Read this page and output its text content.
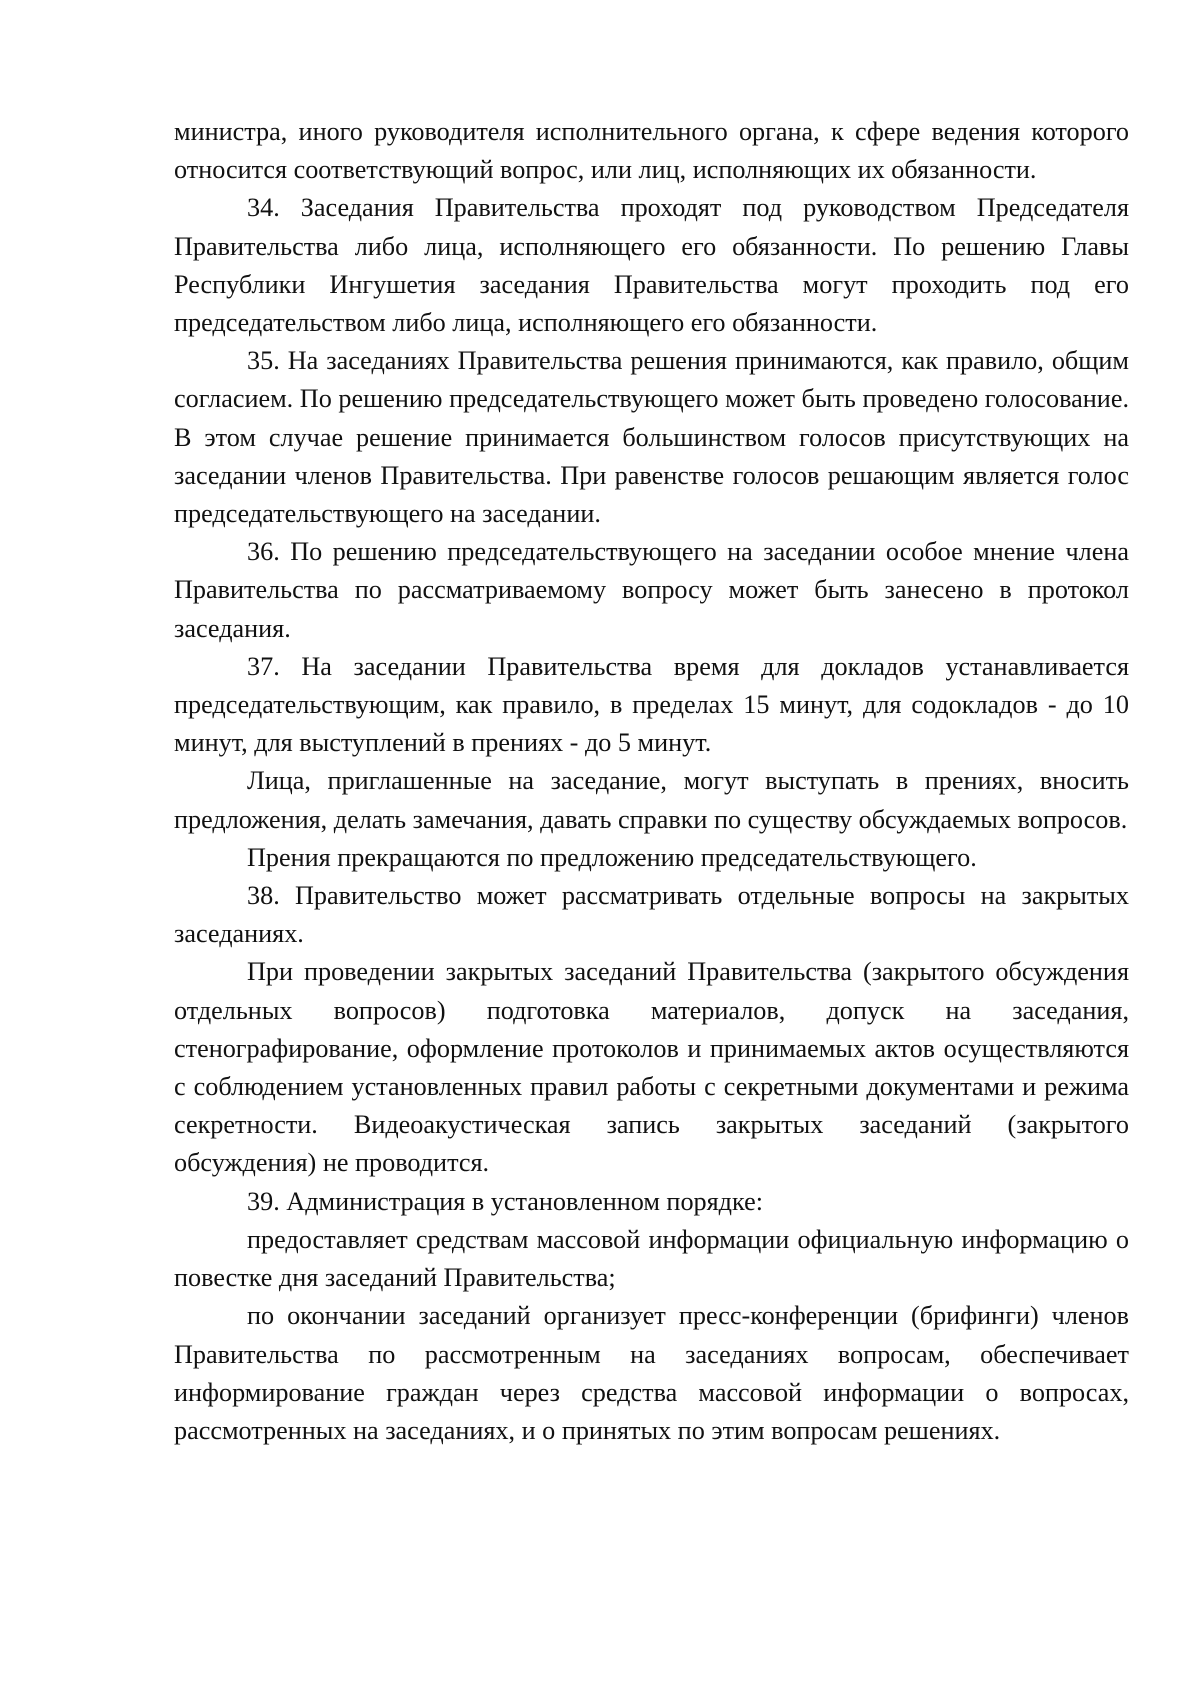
министра, иного руководителя исполнительного органа, к сфере ведения которого относится соответствующий вопрос, или лиц, исполняющих их обязанности.

34. Заседания Правительства проходят под руководством Председателя Правительства либо лица, исполняющего его обязанности. По решению Главы Республики Ингушетия заседания Правительства могут проходить под его председательством либо лица, исполняющего его обязанности.

35. На заседаниях Правительства решения принимаются, как правило, общим согласием. По решению председательствующего может быть проведено голосование. В этом случае решение принимается большинством голосов присутствующих на заседании членов Правительства. При равенстве голосов решающим является голос председательствующего на заседании.

36. По решению председательствующего на заседании особое мнение члена Правительства по рассматриваемому вопросу может быть занесено в протокол заседания.

37. На заседании Правительства время для докладов устанавливается председательствующим, как правило, в пределах 15 минут, для содокладов - до 10 минут, для выступлений в прениях - до 5 минут.

Лица, приглашенные на заседание, могут выступать в прениях, вносить предложения, делать замечания, давать справки по существу обсуждаемых вопросов.

Прения прекращаются по предложению председательствующего.

38. Правительство может рассматривать отдельные вопросы на закрытых заседаниях.

При проведении закрытых заседаний Правительства (закрытого обсуждения отдельных вопросов) подготовка материалов, допуск на заседания, стенографирование, оформление протоколов и принимаемых актов осуществляются с соблюдением установленных правил работы с секретными документами и режима секретности. Видеоакустическая запись закрытых заседаний (закрытого обсуждения) не проводится.

39. Администрация в установленном порядке:

предоставляет средствам массовой информации официальную информацию о повестке дня заседаний Правительства;

по окончании заседаний организует пресс-конференции (брифинги) членов Правительства по рассмотренным на заседаниях вопросам, обеспечивает информирование граждан через средства массовой информации о вопросах, рассмотренных на заседаниях, и о принятых по этим вопросам решениях.
